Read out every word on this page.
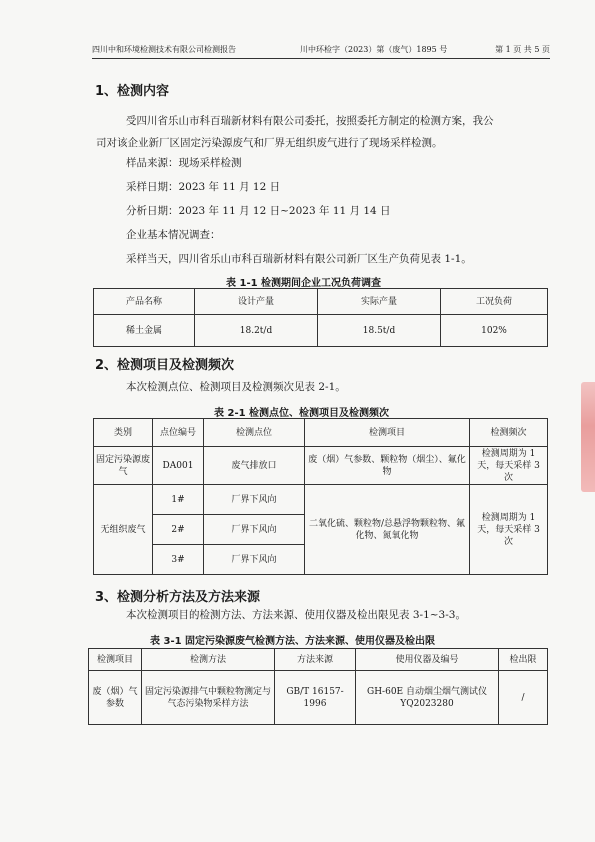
四川中和环境检测技术有限公司检测报告	川中环检字（2023）第（废气）1895 号	第 1 页 共 5 页
1、检测内容
受四川省乐山市科百瑞新材料有限公司委托，按照委托方制定的检测方案，我公
司对该企业新厂区固定污染源废气和厂界无组织废气进行了现场采样检测。
样品来源：现场采样检测
采样日期：2023 年 11 月 12 日
分析日期：2023 年 11 月 12 日~2023 年 11 月 14 日
企业基本情况调查：
采样当天，四川省乐山市科百瑞新材料有限公司新厂区生产负荷见表 1-1。
表 1-1 检测期间企业工况负荷调查
产品名称	设计产量	实际产量	工况负荷
稀土金属	18.2t/d	18.5t/d	102%
2、检测项目及检测频次
本次检测点位、检测项目及检测频次见表 2-1。
表 2-1 检测点位、检测项目及检测频次
类别	点位编号	检测点位	检测项目	检测频次
固定污染源废气	DA001	废气排放口	废（烟）气参数、颗粒物（烟尘）、氟化物	检测周期为 1 天，每天采样 3 次
无组织废气	1#	厂界下风向	二氧化硫、颗粒物/总悬浮物颗粒物、氟化物、氮氧化物	检测周期为 1 天，每天采样 3 次
	2#	厂界下风向		
	3#	厂界下风向		
3、检测分析方法及方法来源
本次检测项目的检测方法、方法来源、使用仪器及检出限见表 3-1~3-3。
表 3-1 固定污染源废气检测方法、方法来源、使用仪器及检出限
检测项目	检测方法	方法来源	使用仪器及编号	检出限
废（烟）气参数	固定污染源排气中颗粒物测定与气态污染物采样方法	GB/T 16157-1996	GH-60E 自动烟尘烟气测试仪 YQ2023280	/
